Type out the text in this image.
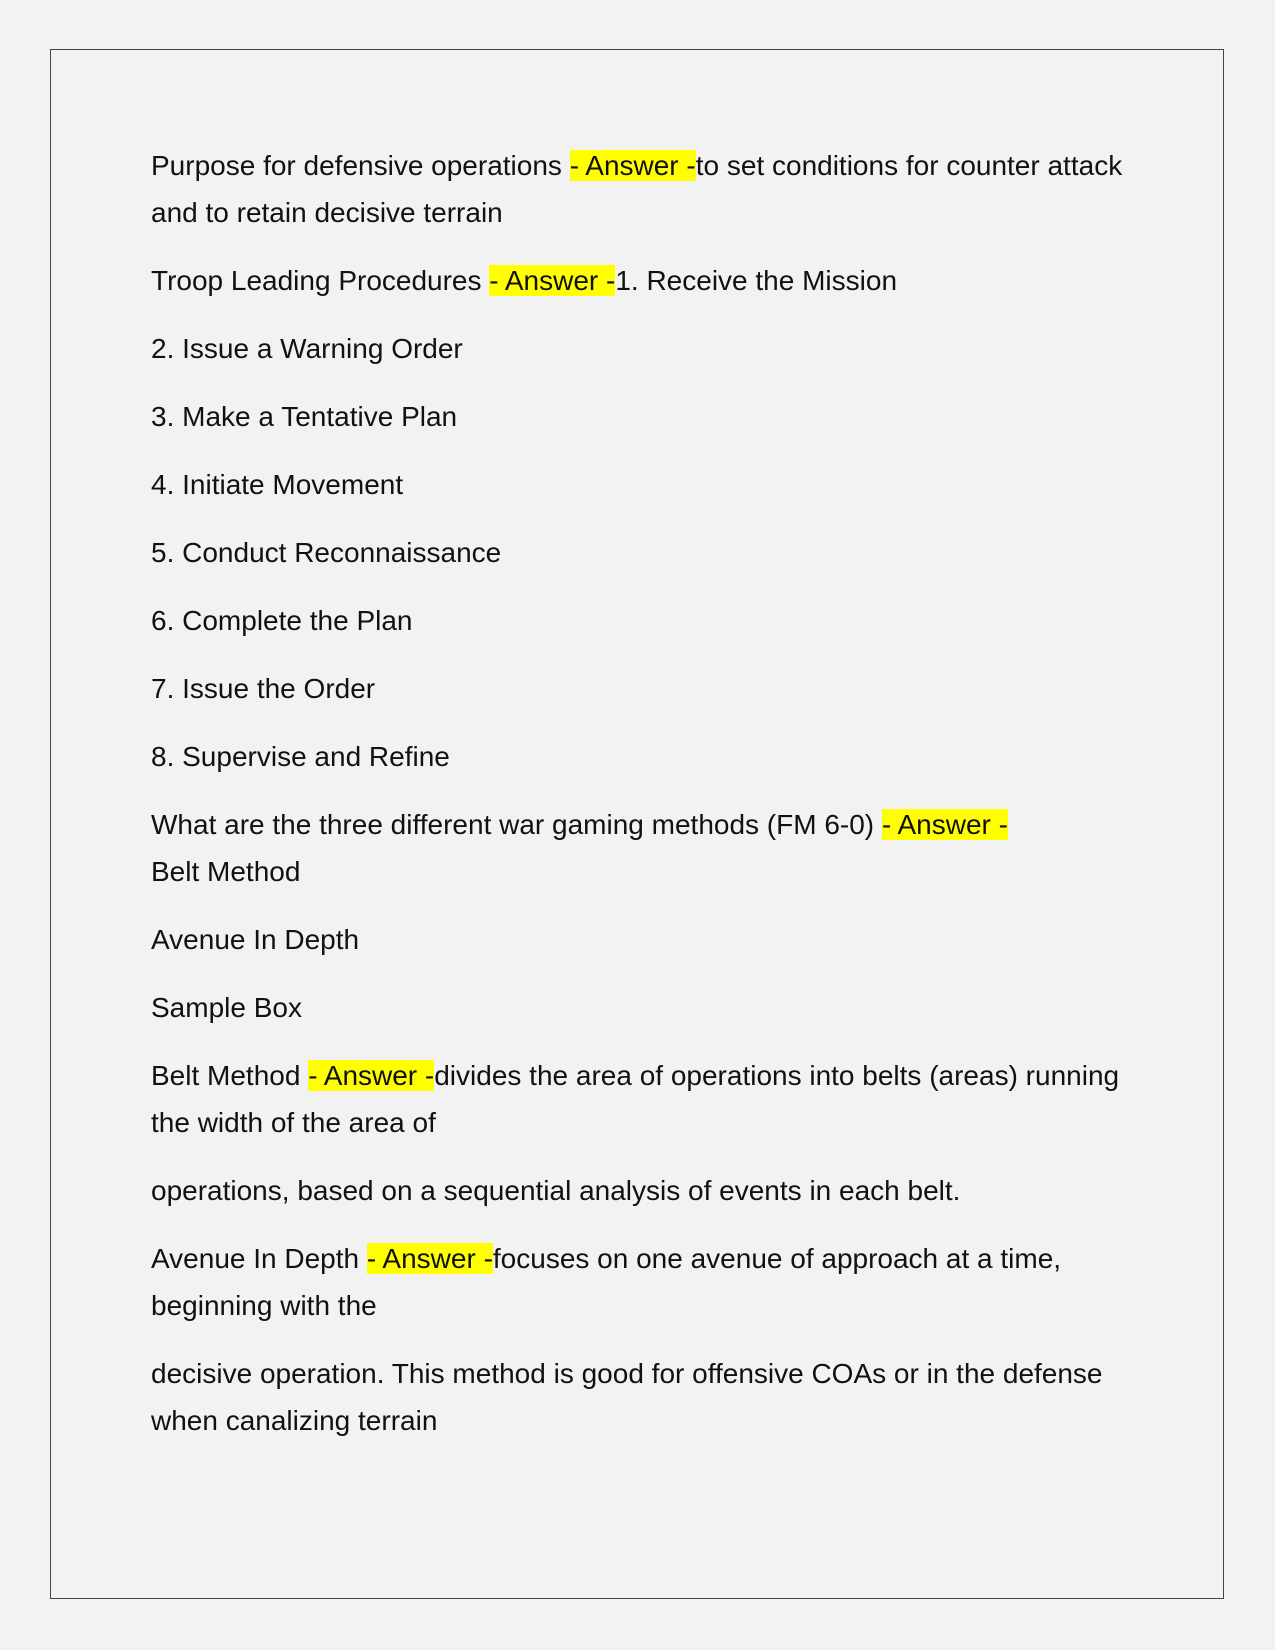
Purpose for defensive operations - Answer -to set conditions for counter attack and to retain decisive terrain

Troop Leading Procedures - Answer -1. Receive the Mission

2. Issue a Warning Order

3. Make a Tentative Plan

4. Initiate Movement

5. Conduct Reconnaissance

6. Complete the Plan

7. Issue the Order

8. Supervise and Refine

What are the three different war gaming methods (FM 6-0) - Answer -
Belt Method

Avenue In Depth

Sample Box

Belt Method - Answer -divides the area of operations into belts (areas) running the width of the area of

operations, based on a sequential analysis of events in each belt.

Avenue In Depth - Answer -focuses on one avenue of approach at a time, beginning with the

decisive operation. This method is good for offensive COAs or in the defense when canalizing terrain
